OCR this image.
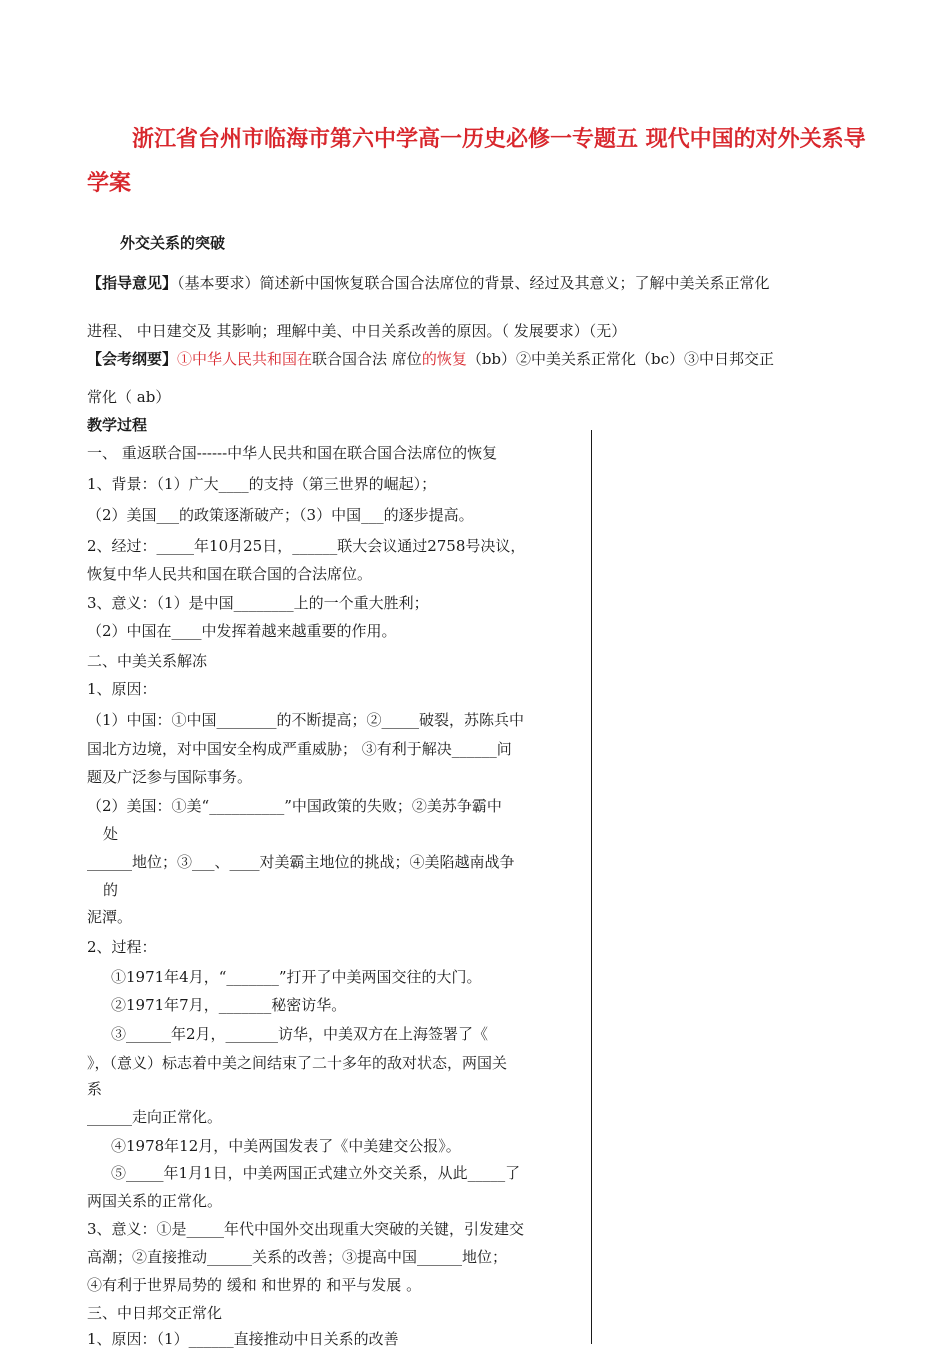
浙江省台州市临海市第六中学高一历史必修一专题五 现代中国的对外关系导学案
外交关系的突破
【指导意见】（基本要求）简述新中国恢复联合国合法席位的背景、经过及其意义；了解中美关系正常化
进程、 中日建交及 其影响；理解中美、中日关系改善的原因。（ 发展要求）（无）
【会考纲要】①中华人民共和国在联合国合法 席位的恢复（bb）②中美关系正常化（bc）③中日邦交正
常化（ ab）
教学过程
一、 重返联合国------中华人民共和国在联合国合法席位的恢复
1、背景：（1）广大____的支持（第三世界的崛起）；
（2）美国___的政策逐渐破产；（3）中国___的逐步提高。
2、经过：_____年10月25日，______联大会议通过2758号决议，
恢复中华人民共和国在联合国的合法席位。
3、意义：（1）是中国________上的一个重大胜利；
（2）中国在____中发挥着越来越重要的作用。
二、中美关系解冻
1、原因：
（1）中国：①中国________的不断提高；②_____破裂，苏陈兵中
国北方边境，对中国安全构成严重威胁； ③有利于解决______问
题及广泛参与国际事务。
（2）美国：①美“__________”中国政策的失败；②美苏争霸中
处
______地位；③___、____对美霸主地位的挑战；④美陷越南战争
的
泥潭。
2、过程：
①1971年4月，“_______”打开了中美两国交往的大门。
②1971年7月，_______秘密访华。
③______年2月，_______访华，中美双方在上海签署了《
》，（意义）标志着中美之间结束了二十多年的敌对状态，两国关
系
______走向正常化。
④1978年12月，中美两国发表了《中美建交公报》。
⑤_____年1月1日，中美两国正式建立外交关系，从此_____了
两国关系的正常化。
3、意义：①是_____年代中国外交出现重大突破的关键，引发建交
高潮；②直接推动______关系的改善；③提高中国______地位；
④有利于世界局势的 缓和 和世界的 和平与发展 。
三、中日邦交正常化
1、原因：（1）______直接推动中日关系的改善
